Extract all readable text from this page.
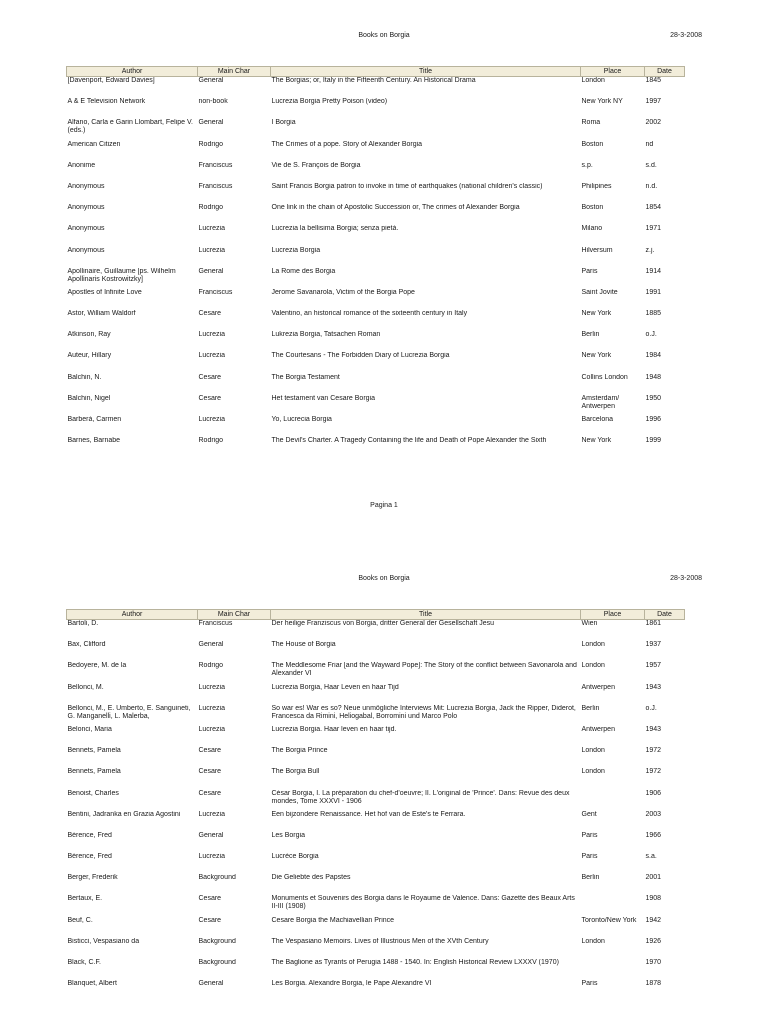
Books on Borgia	28-3-2008
Author	Main Char	Title	Place	Date
[Davenport, Edward Davies]	General	The Borgias; or, Italy in the Fifteenth Century. An Historical Drama	London	1845
A & E Television Network	non-book	Lucrezia Borgia Pretty Poison (video)	New York NY	1997
Alfano, Carla e Garin Llombart, Felipe V. (eds.)	General	I Borgia	Roma	2002
American Citizen	Rodrigo	The Crimes of a pope. Story of Alexander Borgia	Boston	nd
Anonime	Franciscus	Vie de S. François de Borgia	s.p.	s.d.
Anonymous	Franciscus	Saint Francis Borgia patron to invoke in time of earthquakes (national children's classic)	Philipines	n.d.
Anonymous	Rodrigo	One link in the chain of Apostolic Succession or, The crimes of Alexander Borgia	Boston	1854
Anonymous	Lucrezia	Lucrezia la bellisima Borgia; senza pietà.	Milano	1971
Anonymous	Lucrezia	Lucrezia Borgia	Hilversum	z.j.
Apollinaire, Guillaume [ps. Wilhelm Apollinaris Kostrowitzky]	General	La Rome des Borgia	Paris	1914
Apostles of Infinite Love	Franciscus	Jerome Savanarola, Victim of the Borgia Pope	Saint Jovite	1991
Astor, William Waldorf	Cesare	Valentino, an historical romance of the sixteenth century in Italy	New York	1885
Atkinson, Ray	Lucrezia	Lukrezia Borgia, Tatsachen Roman	Berlin	o.J.
Auteur, Hillary	Lucrezia	The Courtesans - The Forbidden Diary of Lucrezia Borgia	New York	1984
Balchin, N.	Cesare	The Borgia Testament	Collins London	1948
Balchin, Nigel	Cesare	Het testament van Cesare Borgia	Amsterdam/ Antwerpen	1950
Barberà, Carmen	Lucrezia	Yo, Lucrecia Borgia	Barcelona	1996
Barnes, Barnabe	Rodrigo	The Devil's Charter. A Tragedy Containing the life and Death of Pope Alexander the Sixth	New York	1999
Pagina 1
Books on Borgia	28-3-2008
Author	Main Char	Title	Place	Date
Bartoli, D.	Franciscus	Der heilige Franziscus von Borgia, dritter General der Gesellschaft Jesu	Wien	1861
Bax, Clifford	General	The House of Borgia	London	1937
Bedoyere, M. de la	Rodrigo	The Meddlesome Friar [and the Wayward Pope]: The Story of the conflict between Savonarola and Alexander VI	London	1957
Bellonci, M.	Lucrezia	Lucrezia Borgia, Haar Leven en haar Tijd	Antwerpen	1943
Bellonci, M., E. Umberto, E. Sanguineti, G. Manganelli, L. Malerba,	Lucrezia	So war es! War es so? Neue unmögliche Interviews Mit: Lucrezia Borgia, Jack the Ripper, Diderot, Francesca da Rimini, Heliogabal, Borromini und Marco Polo	Berlin	o.J.
Belonci, Maria	Lucrezia	Lucrezia Borgia. Haar leven en haar tijd.	Antwerpen	1943
Bennets, Pamela	Cesare	The Borgia Prince	London	1972
Bennets, Pamela	Cesare	The Borgia Bull	London	1972
Benoist, Charles	Cesare	César Borgia, I. La préparation du chef-d'oeuvre; II. L'original de 'Prince'. Dans: Revue des deux mondes, Tome XXXVI - 1906		1906
Bentini, Jadranka en Grazia Agostini	Lucrezia	Een bijzondere Renaissance. Het hof van de Este's te Ferrara.	Gent	2003
Bérence, Fred	General	Les Borgia	Paris	1966
Bérence, Fred	Lucrezia	Lucrèce Borgia	Paris	s.a.
Berger, Frederik	Background	Die Geliebte des Papstes	Berlin	2001
Bertaux, E.	Cesare	Monuments et Souvenirs des Borgia dans le Royaume de Valence. Dans: Gazette des Beaux Arts II-III (1908)		1908
Beuf, C.	Cesare	Cesare Borgia the Machiavellian Prince	Toronto/New York	1942
Bisticci, Vespasiano da	Background	The Vespasiano Memoirs. Lives of Illustrious Men of the XVth Century	London	1926
Black, C.F.	Background	The Baglione as Tyrants of Perugia 1488 - 1540. In: English Historical Review LXXXV (1970)		1970
Blanquet, Albert	General	Les Borgia. Alexandre Borgia, le Pape Alexandre VI	Paris	1878
